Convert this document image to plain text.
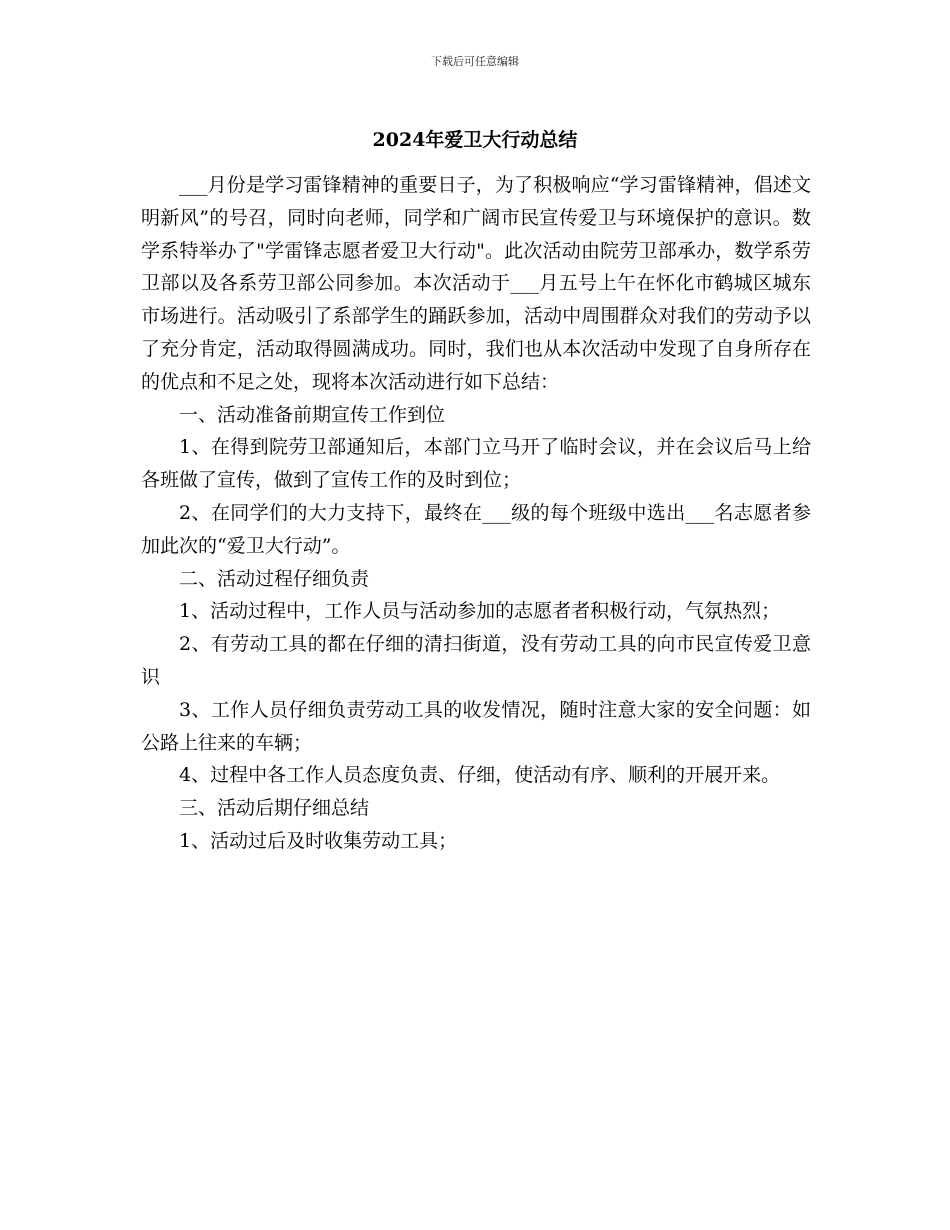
下载后可任意编辑
2024年爱卫大行动总结

___月份是学习雷锋精神的重要日子，为了积极响应“学习雷锋精神，倡述文明新风”的号召，同时向老师，同学和广阔市民宣传爱卫与环境保护的意识。数学系特举办了"学雷锋志愿者爱卫大行动"。此次活动由院劳卫部承办，数学系劳卫部以及各系劳卫部公同参加。本次活动于___月五号上午在怀化市鹤城区城东市场进行。活动吸引了系部学生的踊跃参加，活动中周围群众对我们的劳动予以了充分肯定，活动取得圆满成功。同时，我们也从本次活动中发现了自身所存在的优点和不足之处，现将本次活动进行如下总结：

一、活动准备前期宣传工作到位

1、在得到院劳卫部通知后，本部门立马开了临时会议，并在会议后马上给各班做了宣传，做到了宣传工作的及时到位；

2、在同学们的大力支持下，最终在___级的每个班级中选出___名志愿者参加此次的“爱卫大行动”。

二、活动过程仔细负责

1、活动过程中，工作人员与活动参加的志愿者者积极行动，气氛热烈；

2、有劳动工具的都在仔细的清扫街道，没有劳动工具的向市民宣传爱卫意识

3、工作人员仔细负责劳动工具的收发情况，随时注意大家的安全问题：如公路上往来的车辆；

4、过程中各工作人员态度负责、仔细，使活动有序、顺利的开展开来。

三、活动后期仔细总结

1、活动过后及时收集劳动工具；
